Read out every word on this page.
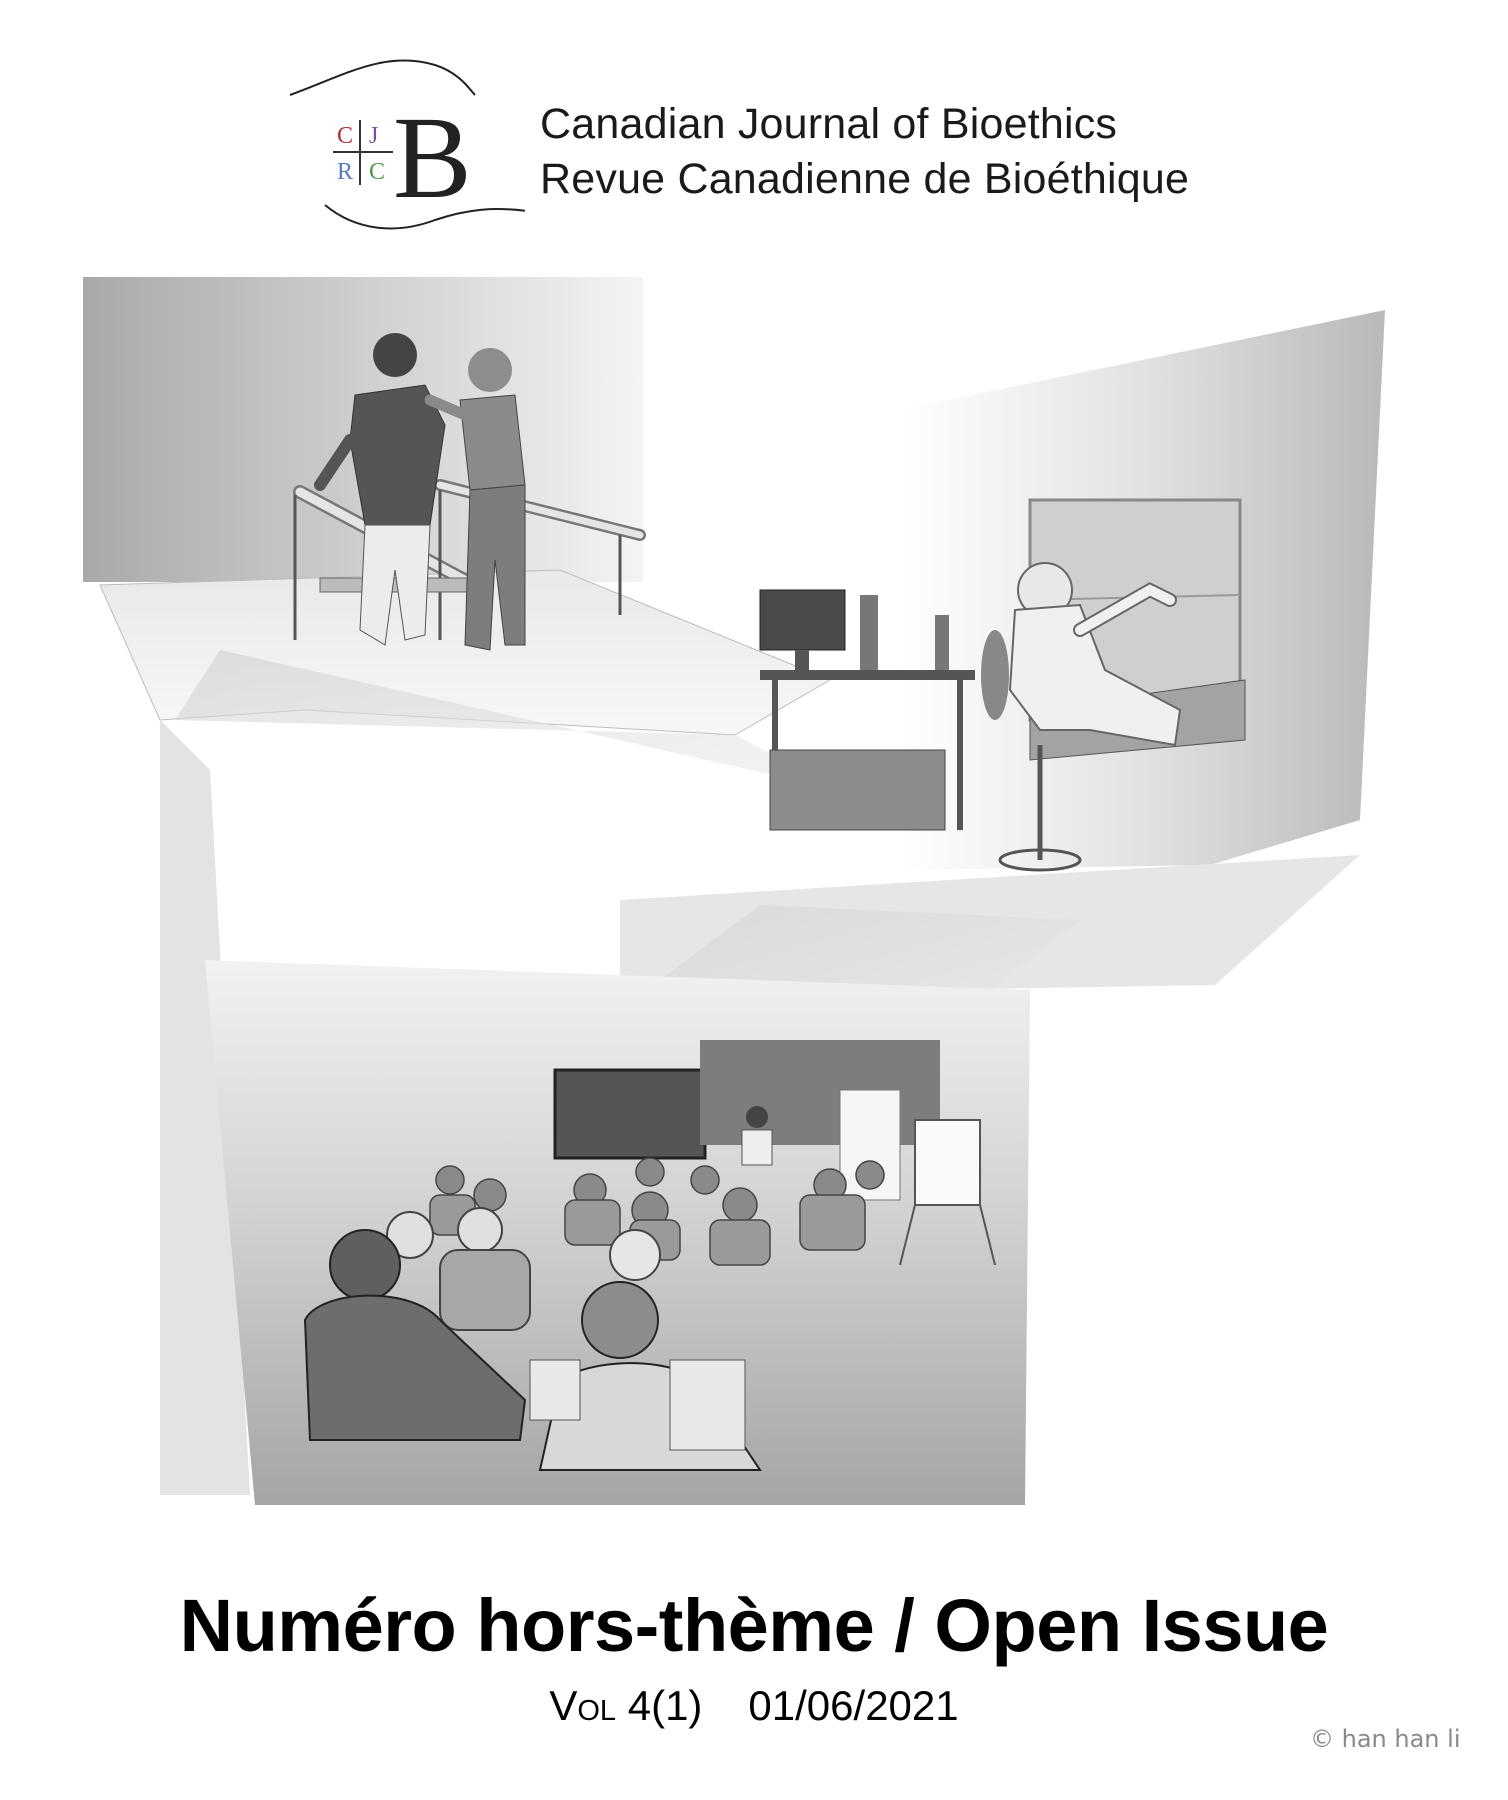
C J
R C B Canadian Journal of Bioethics
Revue Canadienne de Bioéthique
© han han li
Numéro hors-thème / Open Issue
Vol 4(1) 01/06/2021
